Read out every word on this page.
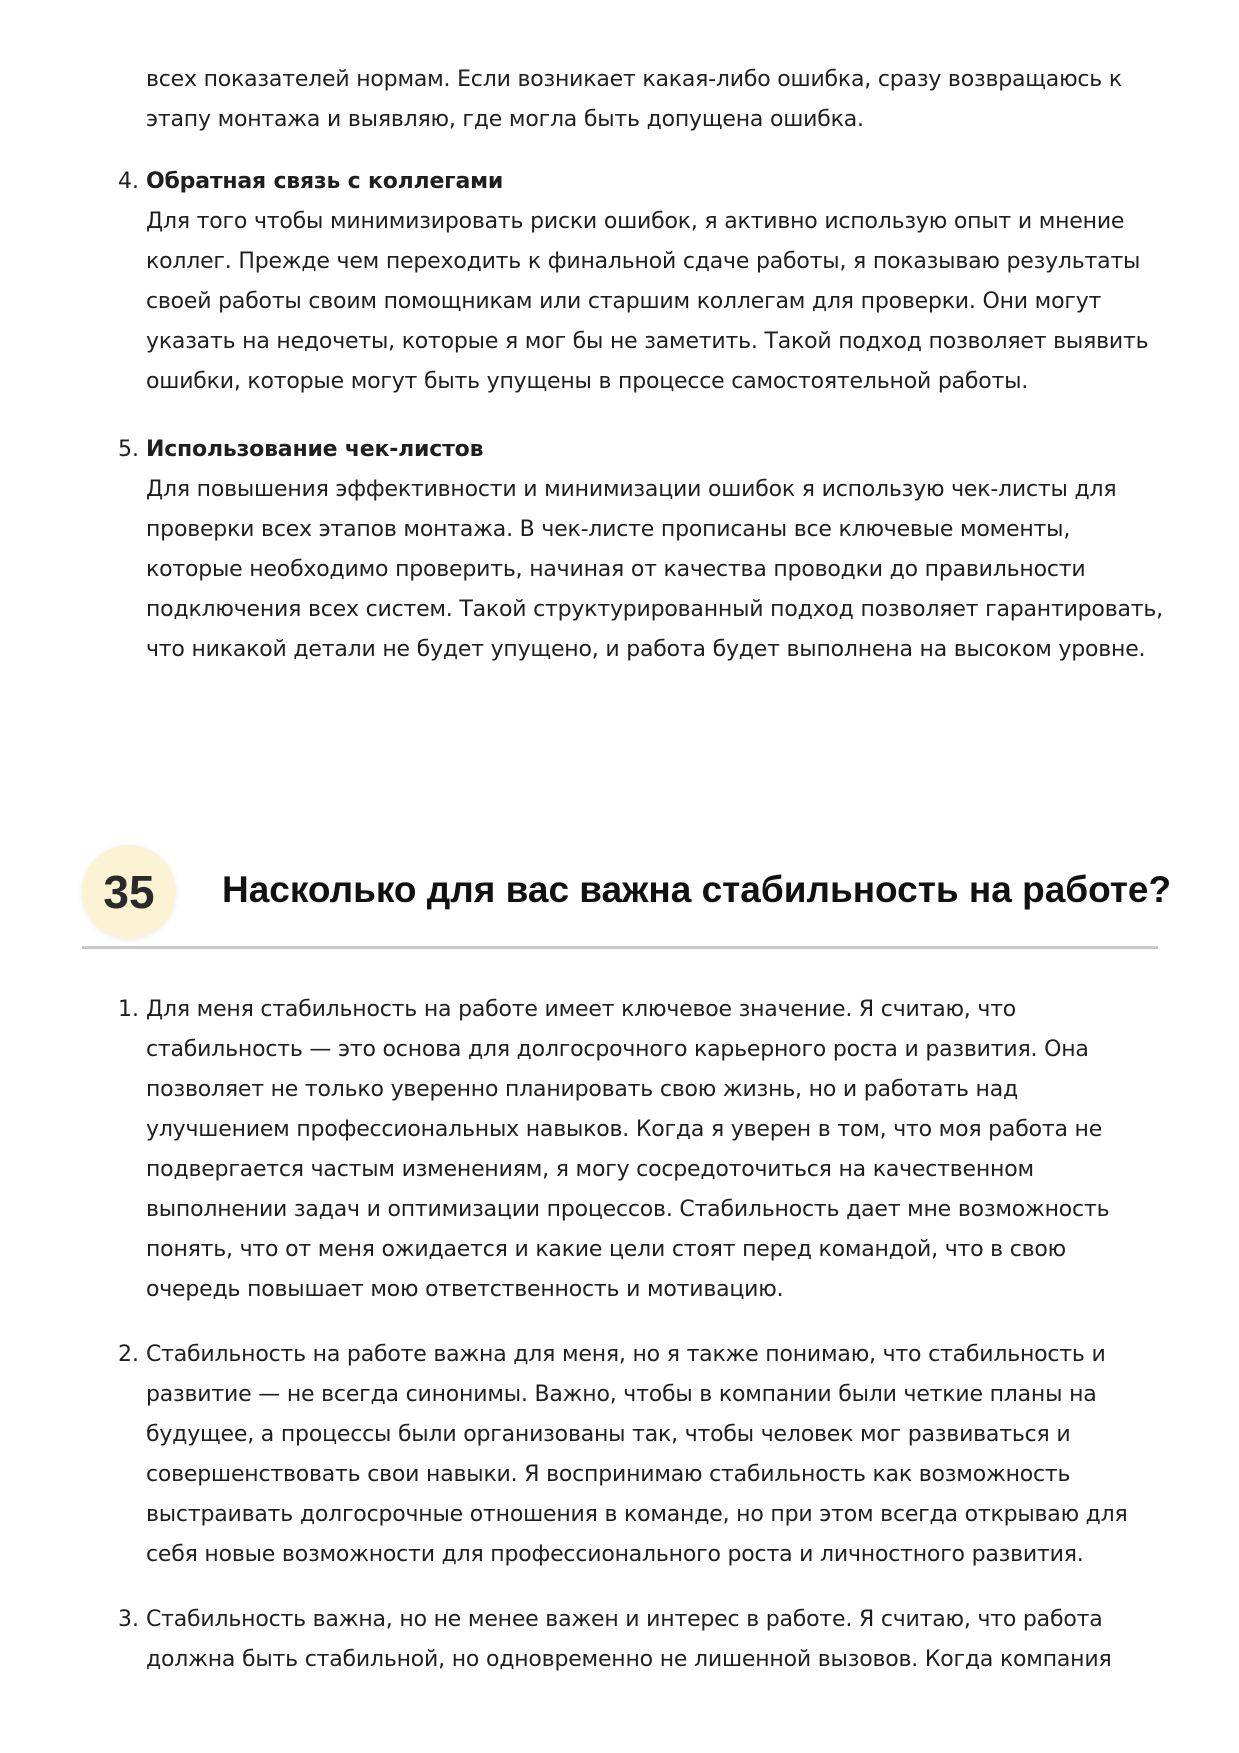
всех показателей нормам. Если возникает какая-либо ошибка, сразу возвращаюсь к этапу монтажа и выявляю, где могла быть допущена ошибка.

4. Обратная связь с коллегами
Для того чтобы минимизировать риски ошибок, я активно использую опыт и мнение коллег. Прежде чем переходить к финальной сдаче работы, я показываю результаты своей работы своим помощникам или старшим коллегам для проверки. Они могут указать на недочеты, которые я мог бы не заметить. Такой подход позволяет выявить ошибки, которые могут быть упущены в процессе самостоятельной работы.

5. Использование чек-листов
Для повышения эффективности и минимизации ошибок я использую чек-листы для проверки всех этапов монтажа. В чек-листе прописаны все ключевые моменты, которые необходимо проверить, начиная от качества проводки до правильности подключения всех систем. Такой структурированный подход позволяет гарантировать, что никакой детали не будет упущено, и работа будет выполнена на высоком уровне.
35	Насколько для вас важна стабильность на работе?

1. Для меня стабильность на работе имеет ключевое значение. Я считаю, что стабильность — это основа для долгосрочного карьерного роста и развития. Она позволяет не только уверенно планировать свою жизнь, но и работать над улучшением профессиональных навыков. Когда я уверен в том, что моя работа не подвергается частым изменениям, я могу сосредоточиться на качественном выполнении задач и оптимизации процессов. Стабильность дает мне возможность понять, что от меня ожидается и какие цели стоят перед командой, что в свою очередь повышает мою ответственность и мотивацию.

2. Стабильность на работе важна для меня, но я также понимаю, что стабильность и развитие — не всегда синонимы. Важно, чтобы в компании были четкие планы на будущее, а процессы были организованы так, чтобы человек мог развиваться и совершенствовать свои навыки. Я воспринимаю стабильность как возможность выстраивать долгосрочные отношения в команде, но при этом всегда открываю для себя новые возможности для профессионального роста и личностного развития.

3. Стабильность важна, но не менее важен и интерес в работе. Я считаю, что работа должна быть стабильной, но одновременно не лишенной вызовов. Когда компания
